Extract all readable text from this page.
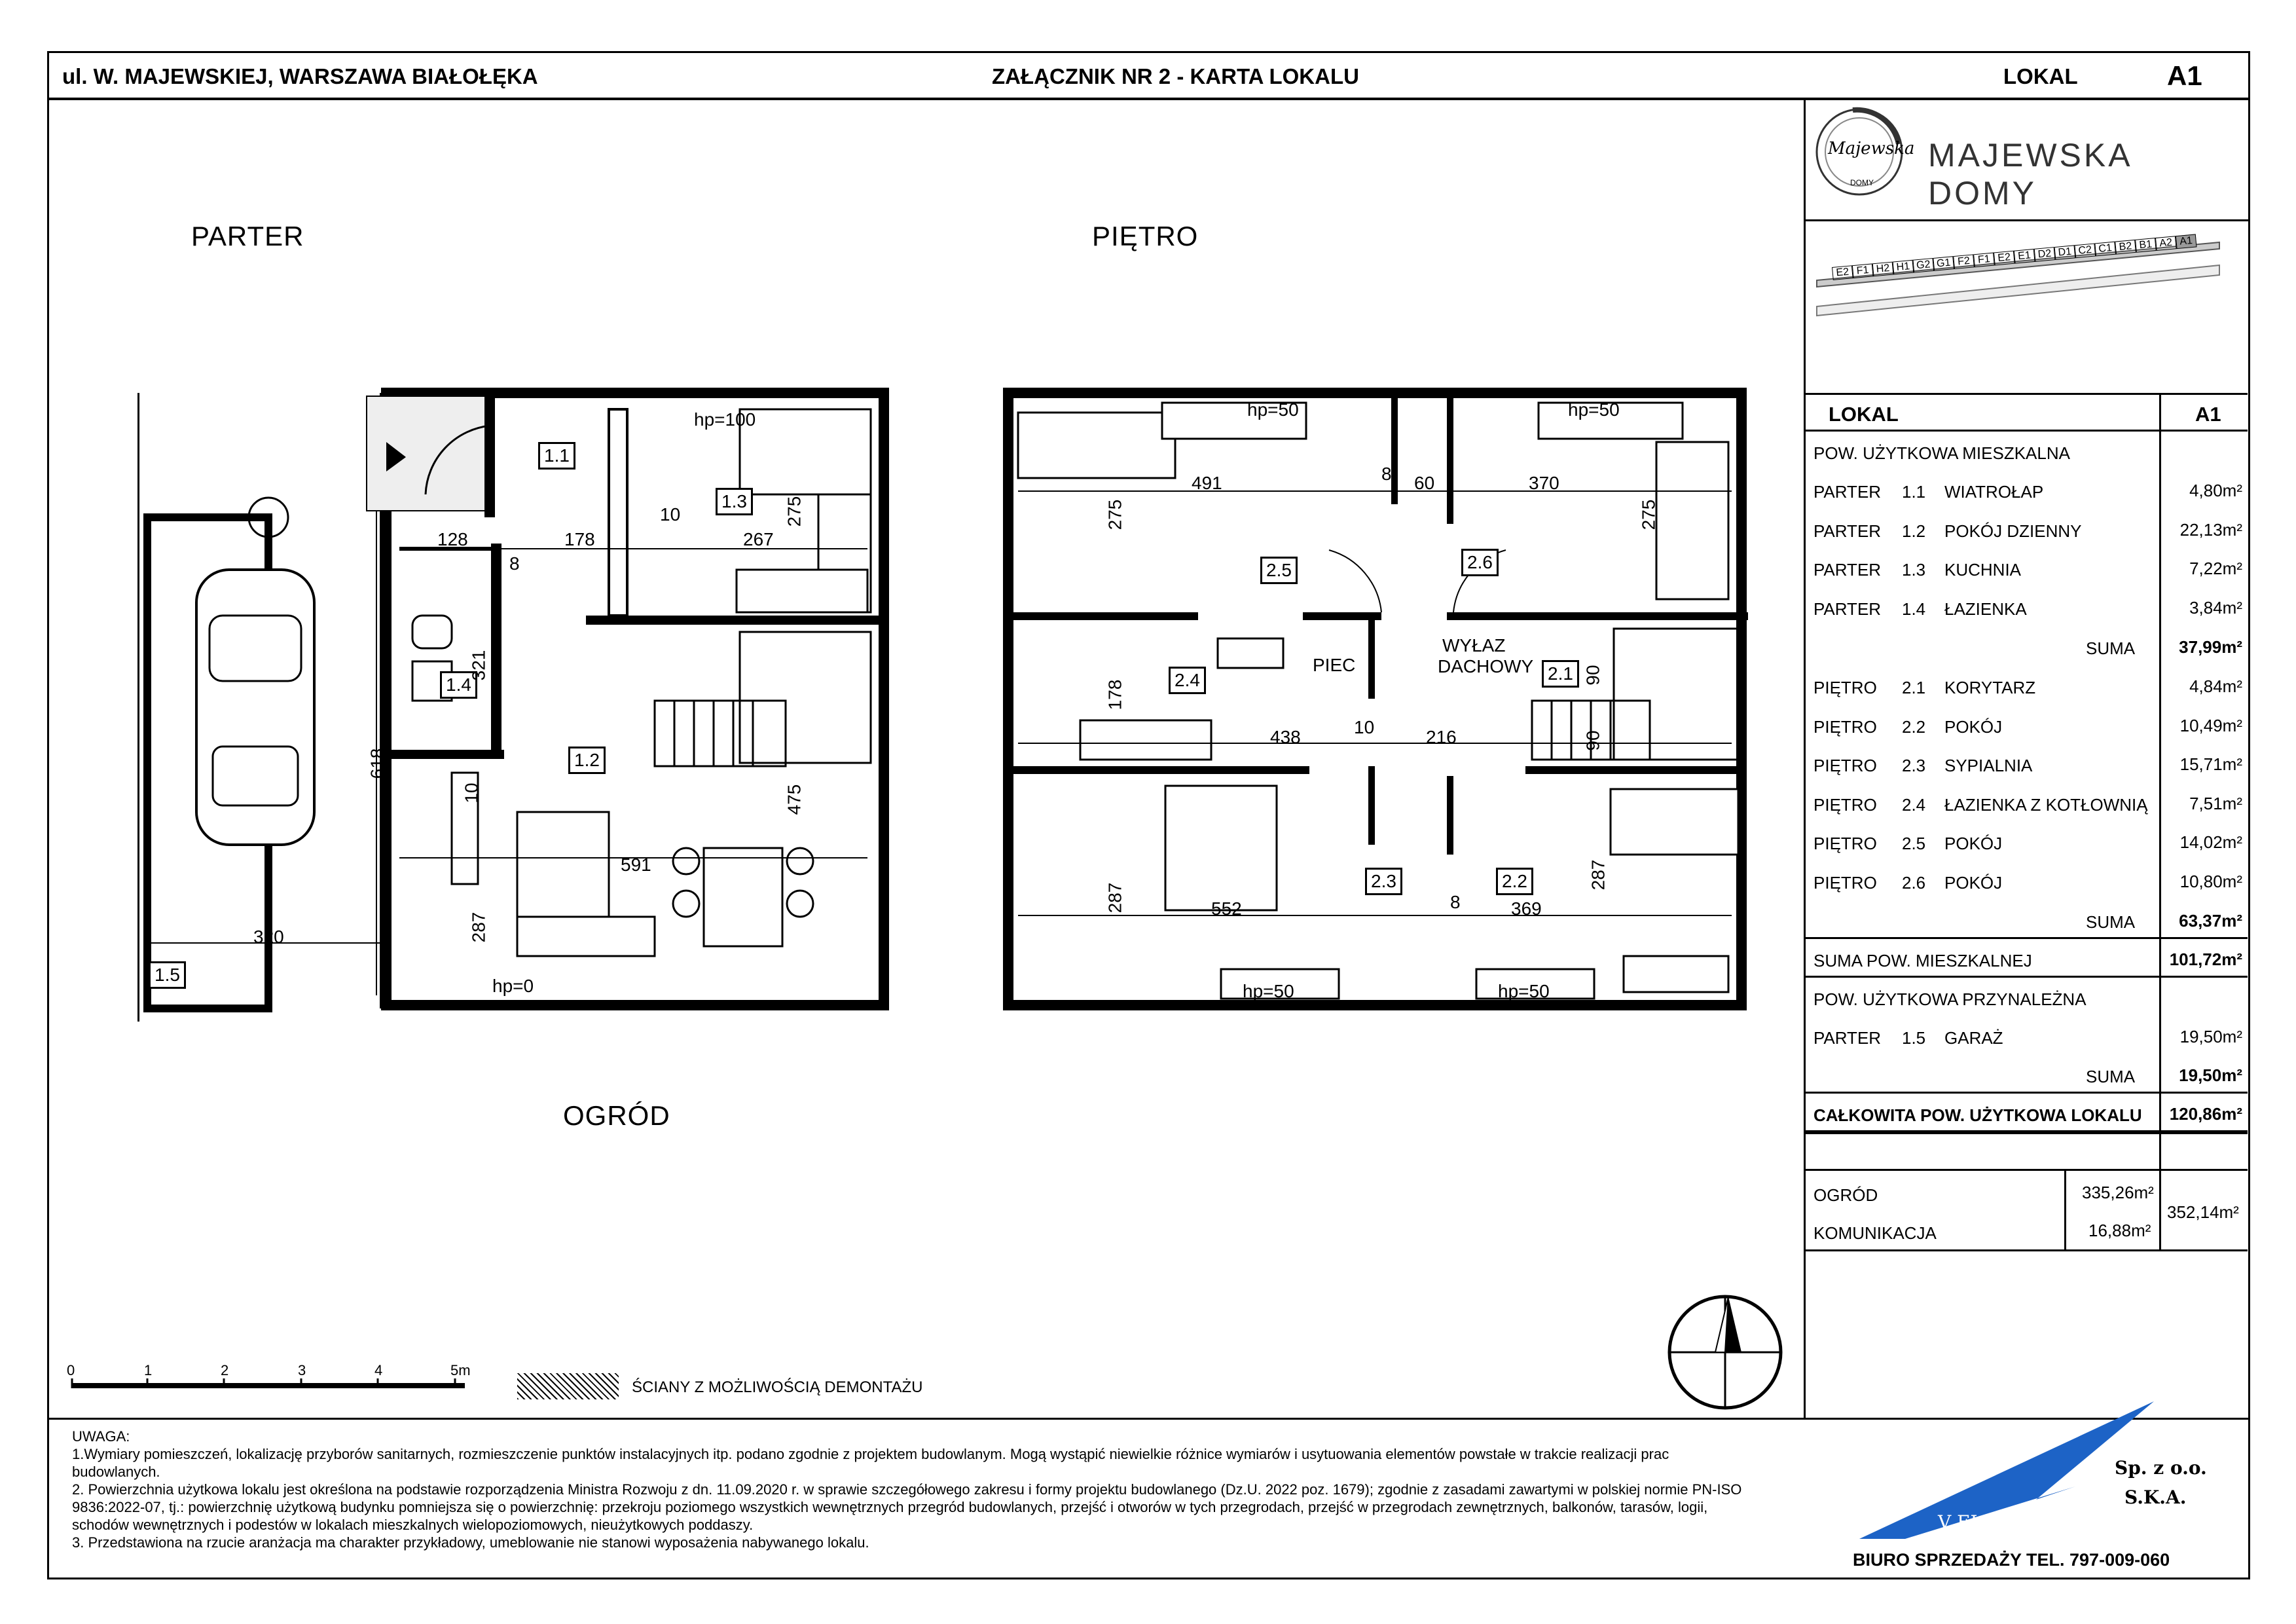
ul. W. MAJEWSKIEJ, WARSZAWA BIAŁOŁĘKA	ZAŁĄCZNIK NR 2 - KARTA LOKALU	LOKAL	A1
Majewska
DOMY
MAJEWSKA DOMY
E2 F1 H2 H1 G2 G1 F2 F1 E2 E1 D2 D1 C2 C1 B2 B1 A2 A1
PARTER	PIĘTRO
OGRÓD
1.1
1.2
1.3
1.4
1.5
2.1
2.2
2.3
2.4
2.5	2.6
128	178	267
275
10
8
321
618
10
591
475
320	287
hp=100
hp=0
491	8 60	370
275	275
178
438	10	216
90
90
552
287	8	369
287
hp=50	hp=50
hp=50	hp=50
WYŁAZ
DACHOWY
PIEC
0	1	2	3	4	5m
ŚCIANY Z MOŻLIWOŚCIĄ DEMONTAŻU
LOKAL	A1
POW. UŻYTKOWA MIESZKALNA
PARTER 1.1 WIATROŁAP	4,80m²
PARTER 1.2 POKÓJ DZIENNY	22,13m²
PARTER 1.3 KUCHNIA	7,22m²
PARTER 1.4 ŁAZIENKA	3,84m²
SUMA	37,99m²
PIĘTRO 2.1 KORYTARZ	4,84m²
PIĘTRO 2.2 POKÓJ	10,49m²
PIĘTRO 2.3 SYPIALNIA	15,71m²
PIĘTRO 2.4 ŁAZIENKA Z KOTŁOWNIĄ 7,51m²
PIĘTRO 2.5 POKÓJ	14,02m²
PIĘTRO 2.6 POKÓJ	10,80m²
SUMA	63,37m²
SUMA POW. MIESZKALNEJ	101,72m²
POW. UŻYTKOWA PRZYNALEŻNA
PARTER 1.5 GARAŻ	19,50m²
SUMA	19,50m²
CAŁKOWITA POW. UŻYTKOWA LOKALU 120,86m²
OGRÓD	335,26m²
KOMUNIKACJA	16,88m²
352,14m²
UWAGA:
1.Wymiary pomieszczeń, lokalizację przyborów sanitarnych, rozmieszczenie punktów instalacyjnych itp. podano zgodnie z projektem budowlanym. Mogą wystąpić niewielkie różnice wymiarów i usytuowania elementów powstałe w trakcie realizacji prac budowlanych.
2. Powierzchnia użytkowa lokalu jest określona na podstawie rozporządzenia Ministra Rozwoju z dn. 11.09.2020 r. w sprawie szczegółowego zakresu i formy projektu budowlanego (Dz.U. 2022 poz. 1679); zgodnie z zasadami zawartymi w polskiej normie PN-ISO 9836:2022-07, tj.: powierzchnię użytkową budynku pomniejsza się o powierzchnię: przekroju poziomego wszystkich wewnętrznych przegród budowlanych, przejść i otworów w tych przegrodach, przejść w przegrodach zewnętrznych, balkonów, tarasów, logii, schodów wewnętrznych i podestów w lokalach mieszkalnych wielopoziomowych, nieużytkowych poddaszy.
3. Przedstawiona na rzucie aranżacja ma charakter przykładowy, umeblowanie nie stanowi wyposażenia nabywanego lokalu.
V ELMIS GK
Sp. z o.o.
S.K.A.
BIURO SPRZEDAŻY TEL. 797-009-060
